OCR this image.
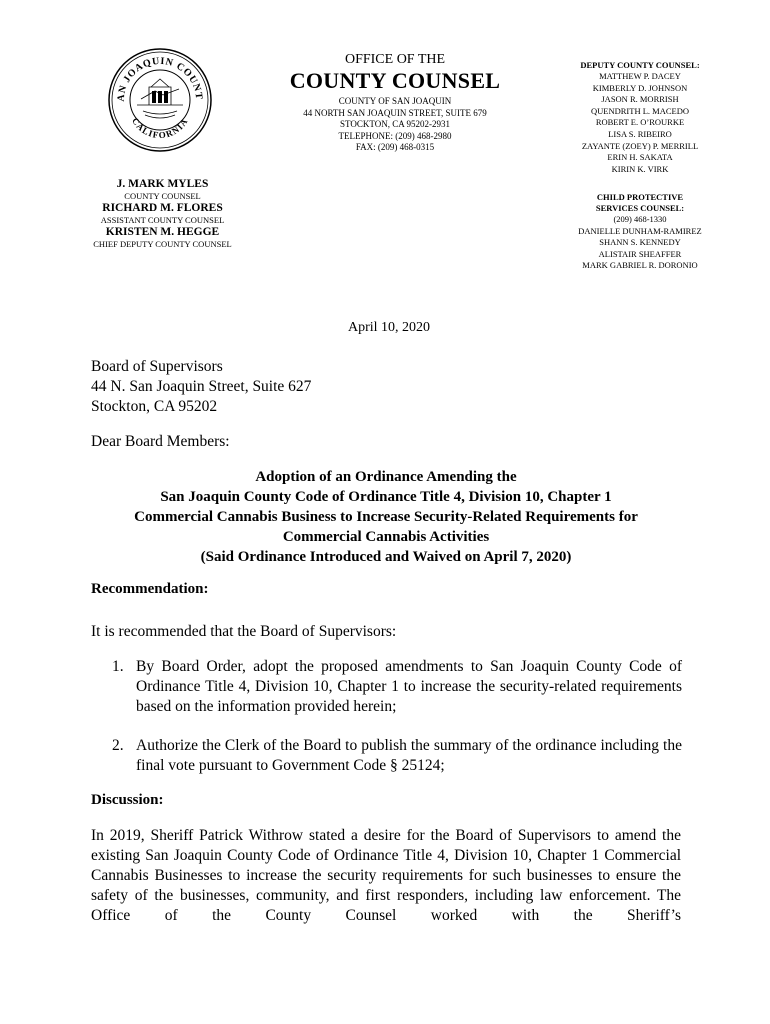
AN JOAQUIN COUNT
CALIFORNIA
OFFICE OF THE
COUNTY COUNSEL
COUNTY OF SAN JOAQUIN
44 NORTH SAN JOAQUIN STREET, SUITE 679
STOCKTON, CA 95202-2931
TELEPHONE: (209) 468-2980
FAX: (209) 468-0315
DEPUTY COUNTY COUNSEL:
MATTHEW P. DACEY
KIMBERLY D. JOHNSON
JASON R. MORRISH
QUENDRITH L. MACEDO
ROBERT E. O’ROURKE
LISA S. RIBEIRO
ZAYANTE (ZOEY) P. MERRILL
ERIN H. SAKATA
KIRIN K. VIRK
CHILD PROTECTIVE
SERVICES COUNSEL:
(209) 468-1330
DANIELLE DUNHAM-RAMIREZ
SHANN S. KENNEDY
ALISTAIR SHEAFFER
MARK GABRIEL R. DORONIO
J. MARK MYLES
COUNTY COUNSEL
RICHARD M. FLORES
ASSISTANT COUNTY COUNSEL
KRISTEN M. HEGGE
CHIEF DEPUTY COUNTY COUNSEL
April 10, 2020
Board of Supervisors
44 N. San Joaquin Street, Suite 627
Stockton, CA 95202
Dear Board Members:
Adoption of an Ordinance Amending the
San Joaquin County Code of Ordinance Title 4, Division 10, Chapter 1
Commercial Cannabis Business to Increase Security-Related Requirements for
Commercial Cannabis Activities
(Said Ordinance Introduced and Waived on April 7, 2020)
Recommendation:
It is recommended that the Board of Supervisors:
1. By Board Order, adopt the proposed amendments to San Joaquin County Code of Ordinance Title 4, Division 10, Chapter 1 to increase the security-related requirements based on the information provided herein;
2. Authorize the Clerk of the Board to publish the summary of the ordinance including the final vote pursuant to Government Code § 25124;
Discussion:
In 2019, Sheriff Patrick Withrow stated a desire for the Board of Supervisors to amend the existing San Joaquin County Code of Ordinance Title 4, Division 10, Chapter 1 Commercial Cannabis Businesses to increase the security requirements for such businesses to ensure the safety of the businesses, community, and first responders, including law enforcement. The Office of the County Counsel worked with the Sheriff’s
